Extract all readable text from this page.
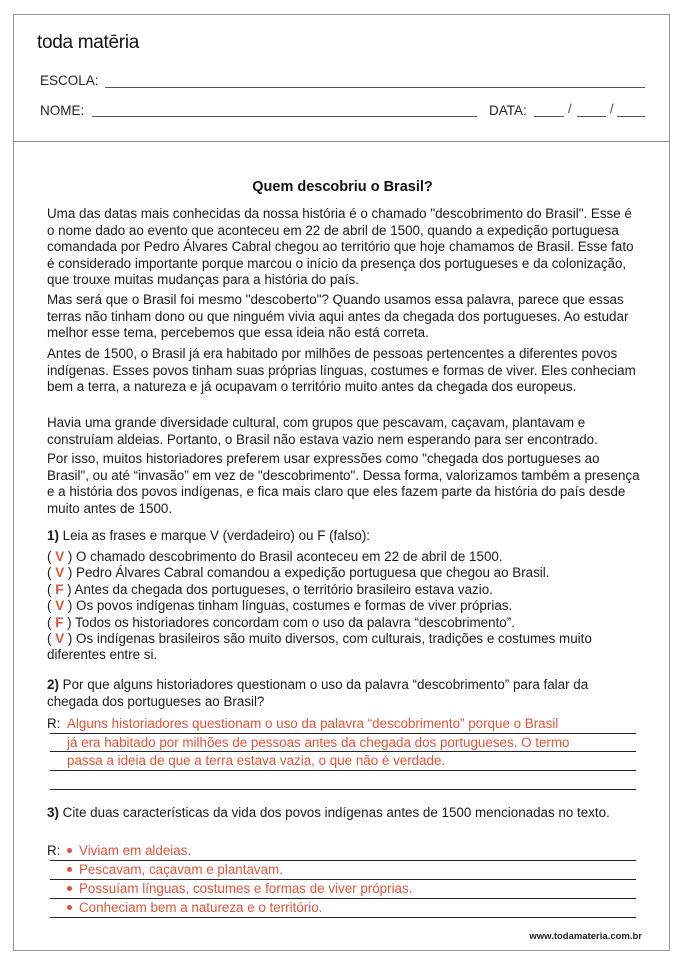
toda matēria
ESCOLA:
NOME:	DATA:	/	/
Quem descobriu o Brasil?

Uma das datas mais conhecidas da nossa história é o chamado "descobrimento do Brasil". Esse é o nome dado ao evento que aconteceu em 22 de abril de 1500, quando a expedição portuguesa comandada por Pedro Álvares Cabral chegou ao território que hoje chamamos de Brasil. Esse fato é considerado importante porque marcou o início da presença dos portugueses e da colonização, que trouxe muitas mudanças para a história do país.

Mas será que o Brasil foi mesmo "descoberto"? Quando usamos essa palavra, parece que essas terras não tinham dono ou que ninguém vivia aqui antes da chegada dos portugueses. Ao estudar melhor esse tema, percebemos que essa ideia não está correta.

Antes de 1500, o Brasil já era habitado por milhões de pessoas pertencentes a diferentes povos indígenas. Esses povos tinham suas próprias línguas, costumes e formas de viver. Eles conheciam bem a terra, a natureza e já ocupavam o território muito antes da chegada dos europeus.

Havia uma grande diversidade cultural, com grupos que pescavam, caçavam, plantavam e construíam aldeias. Portanto, o Brasil não estava vazio nem esperando para ser encontrado.

Por isso, muitos historiadores preferem usar expressões como "chegada dos portugueses ao Brasil", ou até “invasão” em vez de "descobrimento". Dessa forma, valorizamos também a presença e a história dos povos indígenas, e fica mais claro que eles fazem parte da história do país desde muito antes de 1500.

1) Leia as frases e marque V (verdadeiro) ou F (falso):
( V ) O chamado descobrimento do Brasil aconteceu em 22 de abril de 1500.
( V ) Pedro Álvares Cabral comandou a expedição portuguesa que chegou ao Brasil.
( F ) Antes da chegada dos portugueses, o território brasileiro estava vazio.
( V ) Os povos indígenas tinham línguas, costumes e formas de viver próprias.
( F ) Todos os historiadores concordam com o uso da palavra “descobrimento”.
( V ) Os indígenas brasileiros são muito diversos, com culturais, tradições e costumes muito diferentes entre si.
2) Por que alguns historiadores questionam o uso da palavra “descobrimento” para falar da chegada dos portugueses ao Brasil?
R: Alguns historiadores questionam o uso da palavra “descobrimento” porque o Brasil
já era habitado por milhões de pessoas antes da chegada dos portugueses. O termo
passa a ideia de que a terra estava vazia, o que não é verdade.
3) Cite duas características da vida dos povos indígenas antes de 1500 mencionadas no texto.
R:	Viviam em aldeias.
Pescavam, caçavam e plantavam.
Possuíam línguas, costumes e formas de viver próprias.
Conheciam bem a natureza e o território.
www.todamateria.com.br
